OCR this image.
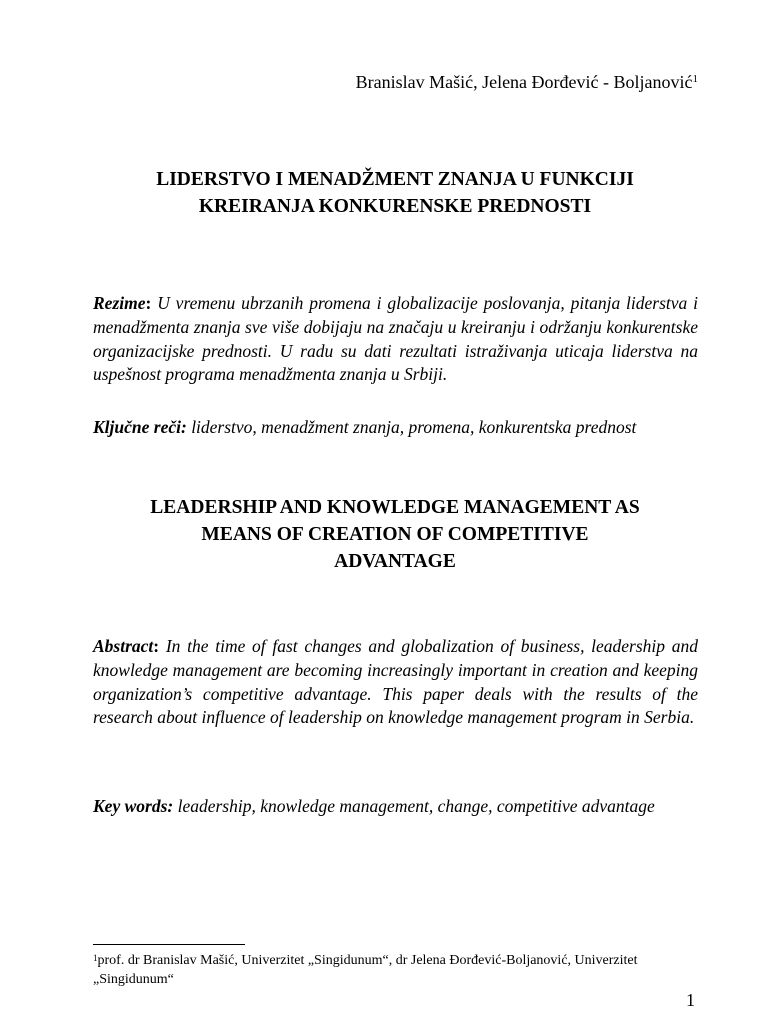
Branislav Mašić, Jelena Đorđević - Boljanović$^1$
LIDERSTVO I MENADŽMENT ZNANJA U FUNKCIJI
KREIRANJA KONKURENSKE PREDNOSTI

Rezime: U vremenu ubrzanih promena i globalizacije poslovanja, pitanja liderstva i menadžmenta znanja sve više dobijaju na značaju u kreiranju i održanju konkurentske organizacijske prednosti. U radu su dati rezultati istraživanja uticaja liderstva na uspešnost programa menadžmenta znanja u Srbiji.

Ključne reči: liderstvo, menadžment znanja, promena, konkurentska prednost

LEADERSHIP AND KNOWLEDGE MANAGEMENT AS
MEANS OF CREATION OF COMPETITIVE
ADVANTAGE

Abstract: In the time of fast changes and globalization of business, leadership and knowledge management are becoming increasingly important in creation and keeping organization’s competitive advantage. This paper deals with the results of the research about influence of leadership on knowledge management program in Serbia.

Key words: leadership, knowledge management, change, competitive advantage

$^1$prof. dr Branislav Mašić, Univerzitet „Singidunum“, dr Jelena Đorđević-Boljanović, Univerzitet „Singidunum“

1
